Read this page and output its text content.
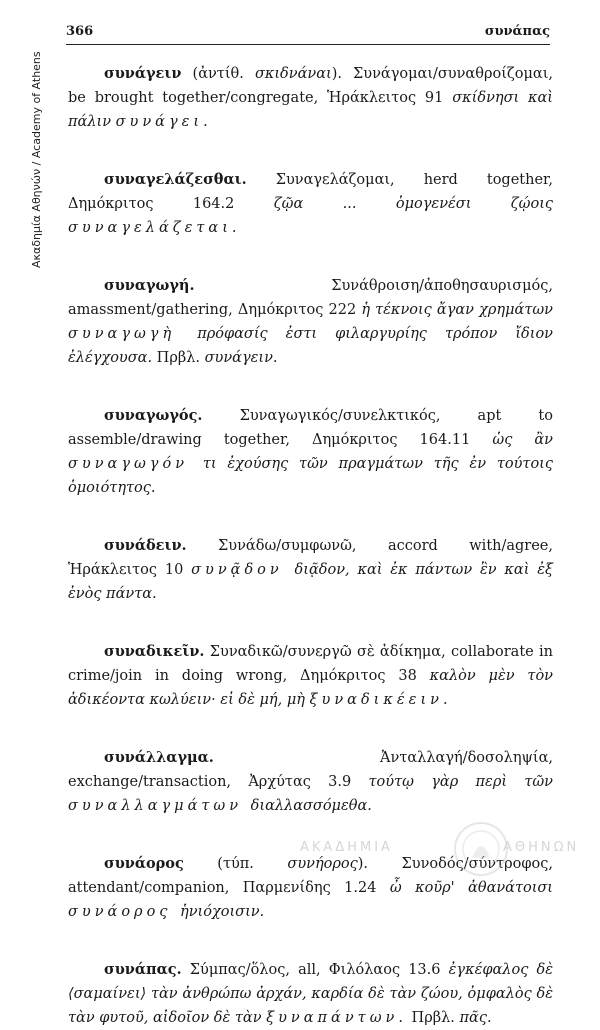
Ακαδημία Αθηνών / Academy of Athens
366	συνάπας

συνάγειν (ἀντίθ. σκιδνάναι). Συνάγομαι/συναθροίζομαι, be brought together/congregate, Ἡράκλειτος 91 σκίδνησι καὶ πάλιν συνάγει.

συναγελάζεσθαι. Συναγελάζομαι, herd together, Δημόκριτος 164.2 ζῷα ... ὁμογενέσι ζῴοις συναγελάζεται.

συναγωγή. Συνάθροιση/ἀποθησαυρισμός, amassment/gathering, Δημόκριτος 222 ἡ τέκνοις ἄγαν χρημάτων συναγωγὴ πρόφασίς ἐστι φιλαργυρίης τρόπον ἴδιον ἐλέγχουσα. Πρβλ. συνάγειν.

συναγωγός. Συναγωγικός/συνελκτικός, apt to assemble/drawing together, Δημόκριτος 164.11 ὡς ἂν συναγωγόν τι ἐχούσης τῶν πραγμάτων τῆς ἐν τούτοις ὁμοιότητος.

συνάδειν. Συνάδω/συμφωνῶ, accord with/agree, Ἡράκλειτος 10 συνᾷδον διᾷδον, καὶ ἐκ πάντων ἓν καὶ ἐξ ἑνὸς πάντα.

συναδικεῖν. Συναδικῶ/συνεργῶ σὲ ἀδίκημα, collaborate in crime/join in doing wrong, Δημόκριτος 38 καλὸν μὲν τὸν ἀδικέοντα κωλύειν· εἰ δὲ μή, μὴ ξυναδικέειν.

συνάλλαγμα. Ἀνταλλαγή/δοσοληψία, exchange/transaction, Ἀρχύτας 3.9 τούτῳ γὰρ περὶ τῶν συναλλαγμάτων διαλλασσόμεθα.

συνάορος (τύπ. συνήορος). Συνοδός/σύντροφος, attendant/companion, Παρμενίδης 1.24 ὦ κοῦρ' ἀθανάτοισι συνάορος ἡνιόχοισιν.

συνάπας. Σύμπας/ὅλος, all, Φιλόλαος 13.6 ἐγκέφαλος δὲ ⟨σαμαίνει⟩ τὰν ἀνθρώπω ἀρχάν, καρδία δὲ τὰν ζώου, ὀμφαλὸς δὲ τὰν φυτοῦ, αἰδοῖον δὲ τὰν ξυναπάντων. Πρβλ. πᾶς.

ΑΚΑΔΗΜΙΑ	ΑΘΗΝΩΝ
